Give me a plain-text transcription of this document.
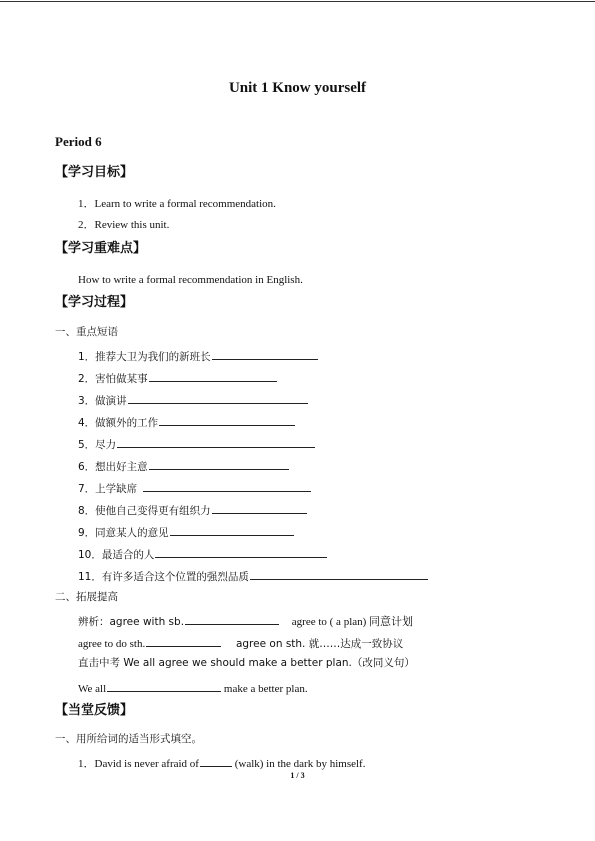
Unit 1 Know yourself
Period 6
【学习目标】
1．Learn to write a formal recommendation.
2．Review this unit.
【学习重难点】
How to write a formal recommendation in English.
【学习过程】
一、重点短语
1．推荐大卫为我们的新班长
2．害怕做某事
3．做演讲
4．做额外的工作
5．尽力
6．想出好主意
7．上学缺席
8．使他自己变得更有组织力
9．同意某人的意见
10．最适合的人
11．有许多适合这个位置的强烈品质
二、拓展提高
辨析：agree with sb.	agree to ( a plan) 同意计划
agree to do sth.	agree on sth. 就……达成一致协议
直击中考 We all agree we should make a better plan.（改同义句）
We all	make a better plan.
【当堂反馈】
一、用所给词的适当形式填空。
1．David is never afraid of	(walk) in the dark by himself.
1 / 3
